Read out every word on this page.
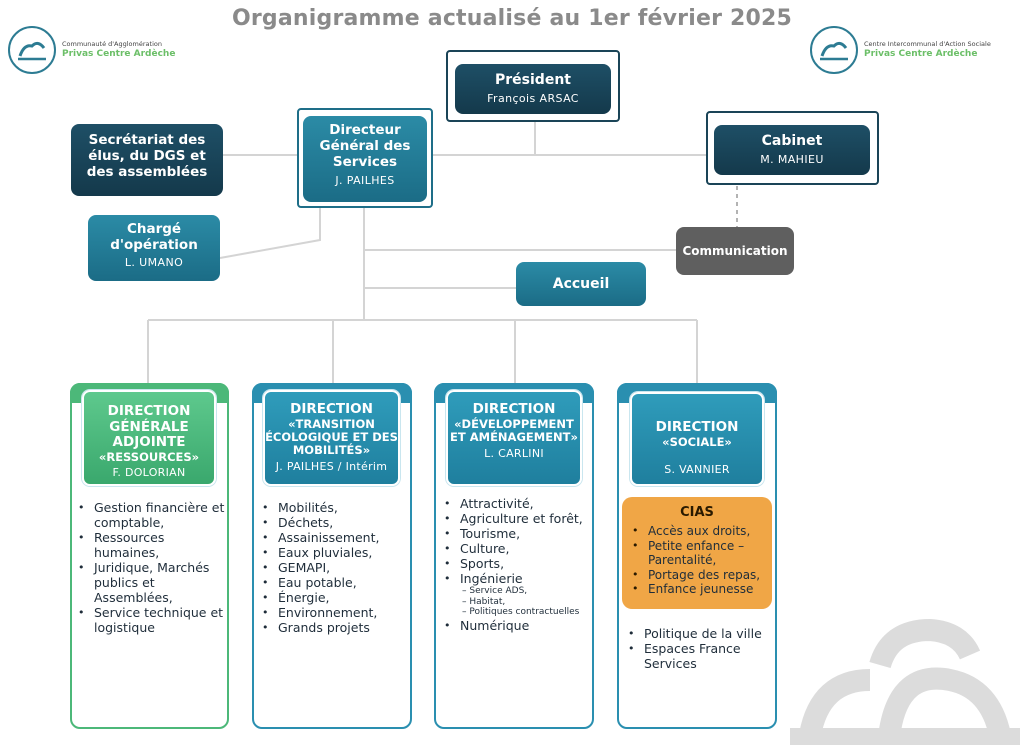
Organigramme actualisé au 1er février 2025
Communauté d'Agglomération
Privas Centre Ardèche
Centre Intercommunal d'Action Sociale
Privas Centre Ardèche
Président
François ARSAC
Directeur Général des Services
J. PAILHES
Cabinet
M. MAHIEU
Secrétariat des élus, du DGS et des assemblées
Chargé d'opération
L. UMANO
Communication
Accueil
DIRECTION GÉNÉRALE ADJOINTE
«RESSOURCES»
F. DOLORIAN
• Gestion financière et comptable,
• Ressources humaines,
• Juridique, Marchés publics et Assemblées,
• Service technique et logistique
DIRECTION
«TRANSITION ÉCOLOGIQUE ET DES MOBILITÉS»
J. PAILHES / Intérim
• Mobilités,
• Déchets,
• Assainissement,
• Eaux pluviales,
• GEMAPI,
• Eau potable,
• Énergie,
• Environnement,
• Grands projets
DIRECTION
«DÉVELOPPEMENT ET AMÉNAGEMENT»
L. CARLINI
• Attractivité,
• Agriculture et forêt,
• Tourisme,
• Culture,
• Sports,
• Ingénierie
– Service ADS,
– Habitat,
– Politiques contractuelles
• Numérique
DIRECTION
«SOCIALE»
S. VANNIER
CIAS
• Accès aux droits,
• Petite enfance – Parentalité,
• Portage des repas,
• Enfance jeunesse
• Politique de la ville
• Espaces France Services
